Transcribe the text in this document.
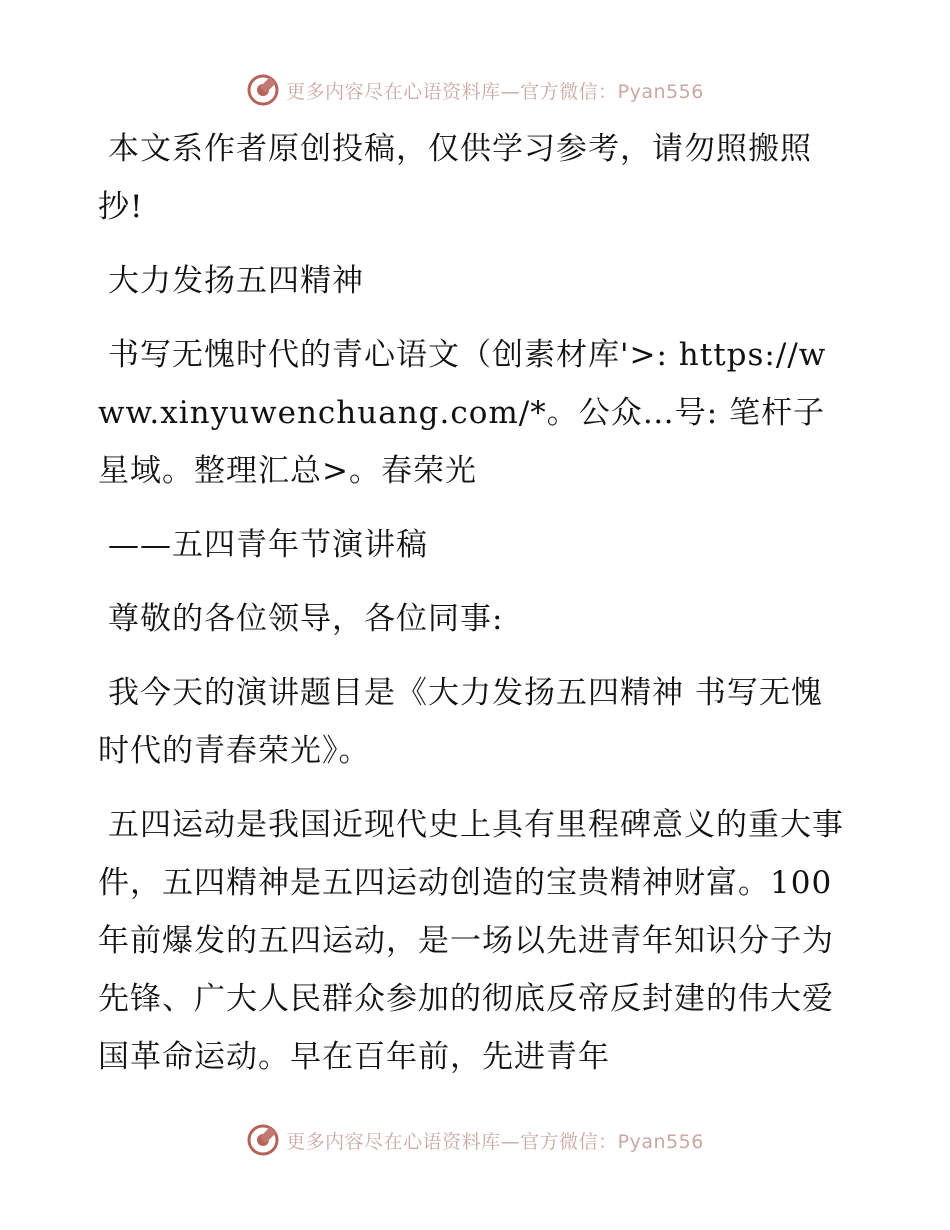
更多内容尽在心语资料库—官方微信：Pyan556

本文系作者原创投稿，仅供学习参考，请勿照搬照抄!

大力发扬五四精神

书写无愧时代的青心语文（创素材库'>: https://www.xinyuwenchuang.com/*。公众…号: 笔杆子星域。整理汇总>。春荣光

——五四青年节演讲稿

尊敬的各位领导，各位同事:

我今天的演讲题目是《大力发扬五四精神 书写无愧时代的青春荣光》。

五四运动是我国近现代史上具有里程碑意义的重大事件，五四精神是五四运动创造的宝贵精神财富。100年前爆发的五四运动，是一场以先进青年知识分子为先锋、广大人民群众参加的彻底反帝反封建的伟大爱国革命运动。早在百年前，先进青年

更多内容尽在心语资料库—官方微信：Pyan556
